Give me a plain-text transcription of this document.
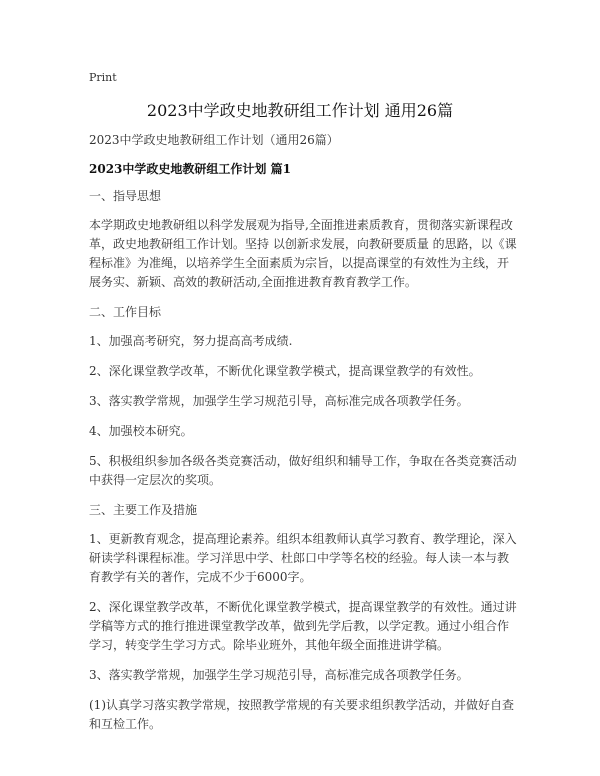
Print
2023中学政史地教研组工作计划 通用26篇
2023中学政史地教研组工作计划（通用26篇）
2023中学政史地教研组工作计划 篇1

一、指导思想

本学期政史地教研组以科学发展观为指导,全面推进素质教育，贯彻落实新课程改革，政史地教研组工作计划。坚持 以创新求发展，向教研要质量 的思路，以《课程标准》为准绳，以培养学生全面素质为宗旨，以提高课堂的有效性为主线，开展务实、新颖、高效的教研活动,全面推进教育教育教学工作。

二、工作目标

1、加强高考研究，努力提高高考成绩.

2、深化课堂教学改革，不断优化课堂教学模式，提高课堂教学的有效性。

3、落实教学常规，加强学生学习规范引导，高标准完成各项教学任务。

4、加强校本研究。

5、积极组织参加各级各类竞赛活动，做好组织和辅导工作，争取在各类竞赛活动中获得一定层次的奖项。

三、主要工作及措施

1、更新教育观念，提高理论素养。组织本组教师认真学习教育、教学理论，深入研读学科课程标准。学习洋思中学、杜郎口中学等名校的经验。每人读一本与教育教学有关的著作，完成不少于6000字。

2、深化课堂教学改革，不断优化课堂教学模式，提高课堂教学的有效性。通过讲学稿等方式的推行推进课堂教学改革，做到先学后教，以学定教。通过小组合作学习，转变学生学习方式。除毕业班外，其他年级全面推进讲学稿。

3、落实教学常规，加强学生学习规范引导，高标准完成各项教学任务。

(1)认真学习落实教学常规，按照教学常规的有关要求组织教学活动，并做好自查和互检工作。
